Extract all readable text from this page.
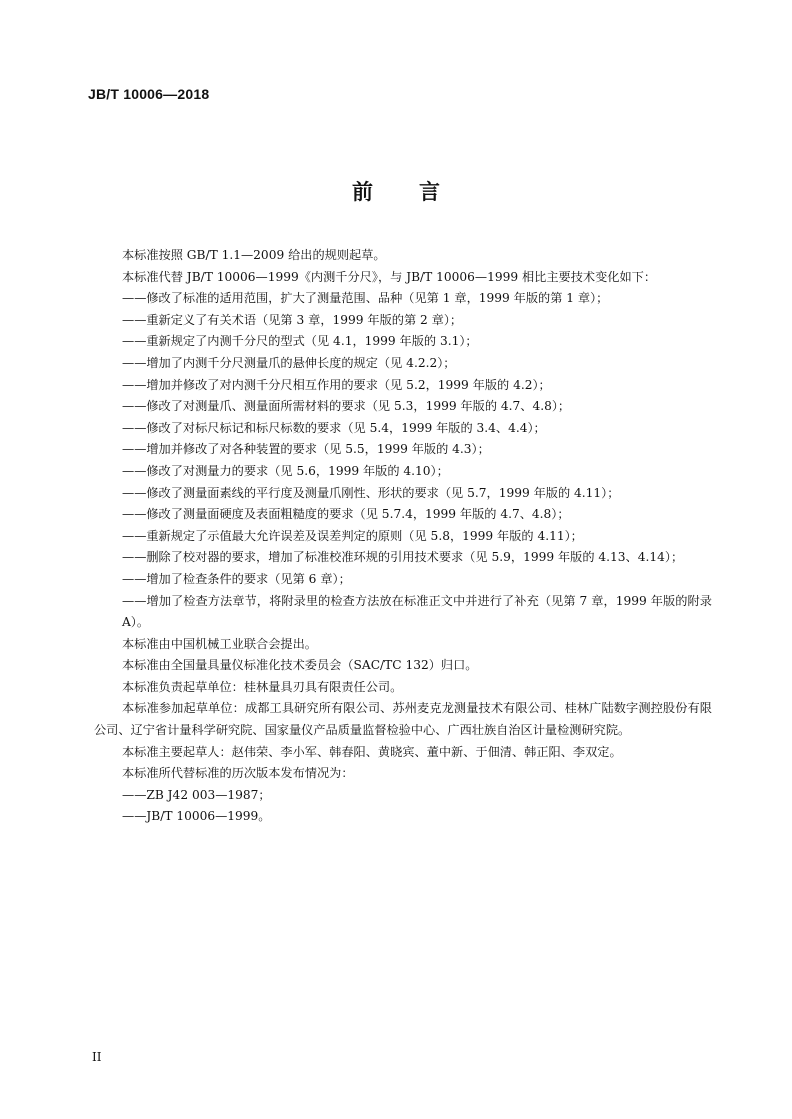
JB/T 10006—2018
前 言
本标准按照 GB/T 1.1—2009 给出的规则起草。
本标准代替 JB/T 10006—1999《内测千分尺》，与 JB/T 10006—1999 相比主要技术变化如下：
——修改了标准的适用范围，扩大了测量范围、品种（见第 1 章，1999 年版的第 1 章）；
——重新定义了有关术语（见第 3 章，1999 年版的第 2 章）；
——重新规定了内测千分尺的型式（见 4.1，1999 年版的 3.1）；
——增加了内测千分尺测量爪的悬伸长度的规定（见 4.2.2）；
——增加并修改了对内测千分尺相互作用的要求（见 5.2，1999 年版的 4.2）；
——修改了对测量爪、测量面所需材料的要求（见 5.3，1999 年版的 4.7、4.8）；
——修改了对标尺标记和标尺标数的要求（见 5.4，1999 年版的 3.4、4.4）；
——增加并修改了对各种装置的要求（见 5.5，1999 年版的 4.3）；
——修改了对测量力的要求（见 5.6，1999 年版的 4.10）；
——修改了测量面素线的平行度及测量爪刚性、形状的要求（见 5.7，1999 年版的 4.11）；
——修改了测量面硬度及表面粗糙度的要求（见 5.7.4，1999 年版的 4.7、4.8）；
——重新规定了示值最大允许误差及误差判定的原则（见 5.8，1999 年版的 4.11）；
——删除了校对器的要求，增加了标准校准环规的引用技术要求（见 5.9，1999 年版的 4.13、4.14）；
——增加了检查条件的要求（见第 6 章）；
——增加了检查方法章节，将附录里的检查方法放在标准正文中并进行了补充（见第 7 章，1999 年版的附录 A）。
本标准由中国机械工业联合会提出。
本标准由全国量具量仪标准化技术委员会（SAC/TC 132）归口。
本标准负责起草单位：桂林量具刃具有限责任公司。
本标准参加起草单位：成都工具研究所有限公司、苏州麦克龙测量技术有限公司、桂林广陆数字测控股份有限公司、辽宁省计量科学研究院、国家量仪产品质量监督检验中心、广西壮族自治区计量检测研究院。
本标准主要起草人：赵伟荣、李小军、韩春阳、黄晓宾、董中新、于佃清、韩正阳、李双定。
本标准所代替标准的历次版本发布情况为：
——ZB J42 003—1987；
——JB/T 10006—1999。
II
